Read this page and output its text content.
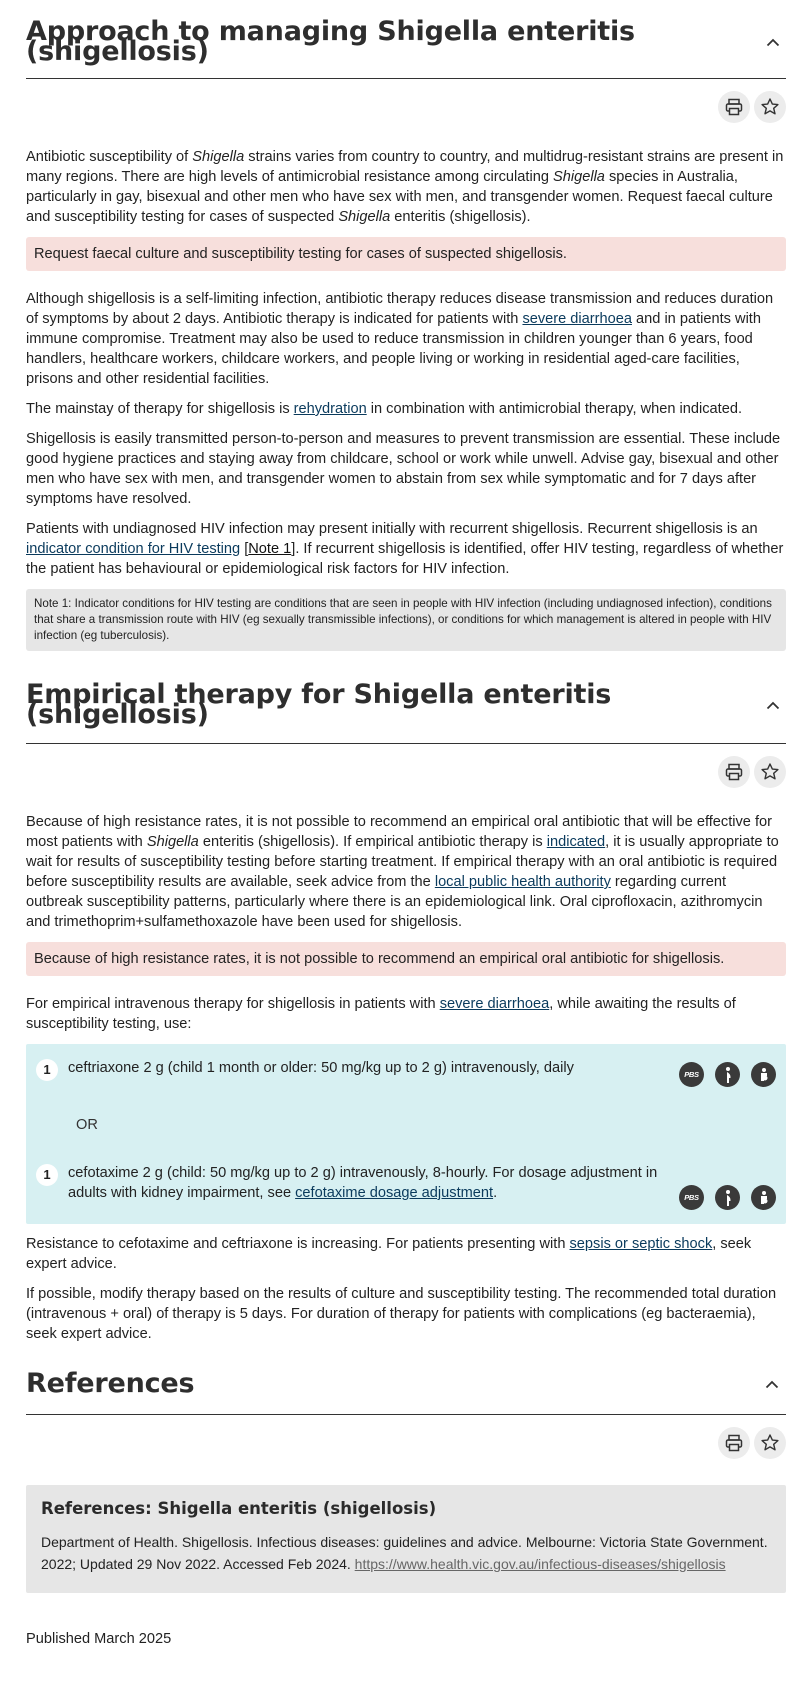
Approach to managing Shigella enteritis (shigellosis)

Antibiotic susceptibility of Shigella strains varies from country to country, and multidrug-resistant strains are present in many regions. There are high levels of antimicrobial resistance among circulating Shigella species in Australia, particularly in gay, bisexual and other men who have sex with men, and transgender women. Request faecal culture and susceptibility testing for cases of suspected Shigella enteritis (shigellosis).

Request faecal culture and susceptibility testing for cases of suspected shigellosis.

Although shigellosis is a self-limiting infection, antibiotic therapy reduces disease transmission and reduces duration of symptoms by about 2 days. Antibiotic therapy is indicated for patients with severe diarrhoea and in patients with immune compromise. Treatment may also be used to reduce transmission in children younger than 6 years, food handlers, healthcare workers, childcare workers, and people living or working in residential aged-care facilities, prisons and other residential facilities.

The mainstay of therapy for shigellosis is rehydration in combination with antimicrobial therapy, when indicated.

Shigellosis is easily transmitted person-to-person and measures to prevent transmission are essential. These include good hygiene practices and staying away from childcare, school or work while unwell. Advise gay, bisexual and other men who have sex with men, and transgender women to abstain from sex while symptomatic and for 7 days after symptoms have resolved.

Patients with undiagnosed HIV infection may present initially with recurrent shigellosis. Recurrent shigellosis is an indicator condition for HIV testing [Note 1]. If recurrent shigellosis is identified, offer HIV testing, regardless of whether the patient has behavioural or epidemiological risk factors for HIV infection.

Note 1: Indicator conditions for HIV testing are conditions that are seen in people with HIV infection (including undiagnosed infection), conditions that share a transmission route with HIV (eg sexually transmissible infections), or conditions for which management is altered in people with HIV infection (eg tuberculosis).
Empirical therapy for Shigella enteritis (shigellosis)

Because of high resistance rates, it is not possible to recommend an empirical oral antibiotic that will be effective for most patients with Shigella enteritis (shigellosis). If empirical antibiotic therapy is indicated, it is usually appropriate to wait for results of susceptibility testing before starting treatment. If empirical therapy with an oral antibiotic is required before susceptibility results are available, seek advice from the local public health authority regarding current outbreak susceptibility patterns, particularly where there is an epidemiological link. Oral ciprofloxacin, azithromycin and trimethoprim+sulfamethoxazole have been used for shigellosis.

Because of high resistance rates, it is not possible to recommend an empirical oral antibiotic for shigellosis.

For empirical intravenous therapy for shigellosis in patients with severe diarrhoea, while awaiting the results of susceptibility testing, use:

1	ceftriaxone 2 g (child 1 month or older: 50 mg/kg up to 2 g) intravenously, daily	PBS
OR
1	cefotaxime 2 g (child: 50 mg/kg up to 2 g) intravenously, 8-hourly. For dosage adjustment in adults with kidney impairment, see cefotaxime dosage adjustment.	PBS

Resistance to cefotaxime and ceftriaxone is increasing. For patients presenting with sepsis or septic shock, seek expert advice.

If possible, modify therapy based on the results of culture and susceptibility testing. The recommended total duration (intravenous + oral) of therapy is 5 days. For duration of therapy for patients with complications (eg bacteraemia), seek expert advice.

References
References: Shigella enteritis (shigellosis)
Department of Health. Shigellosis. Infectious diseases: guidelines and advice. Melbourne: Victoria State Government. 2022; Updated 29 Nov 2022. Accessed Feb 2024. https://www.health.vic.gov.au/infectious-diseases/shigellosis
Published March 2025
